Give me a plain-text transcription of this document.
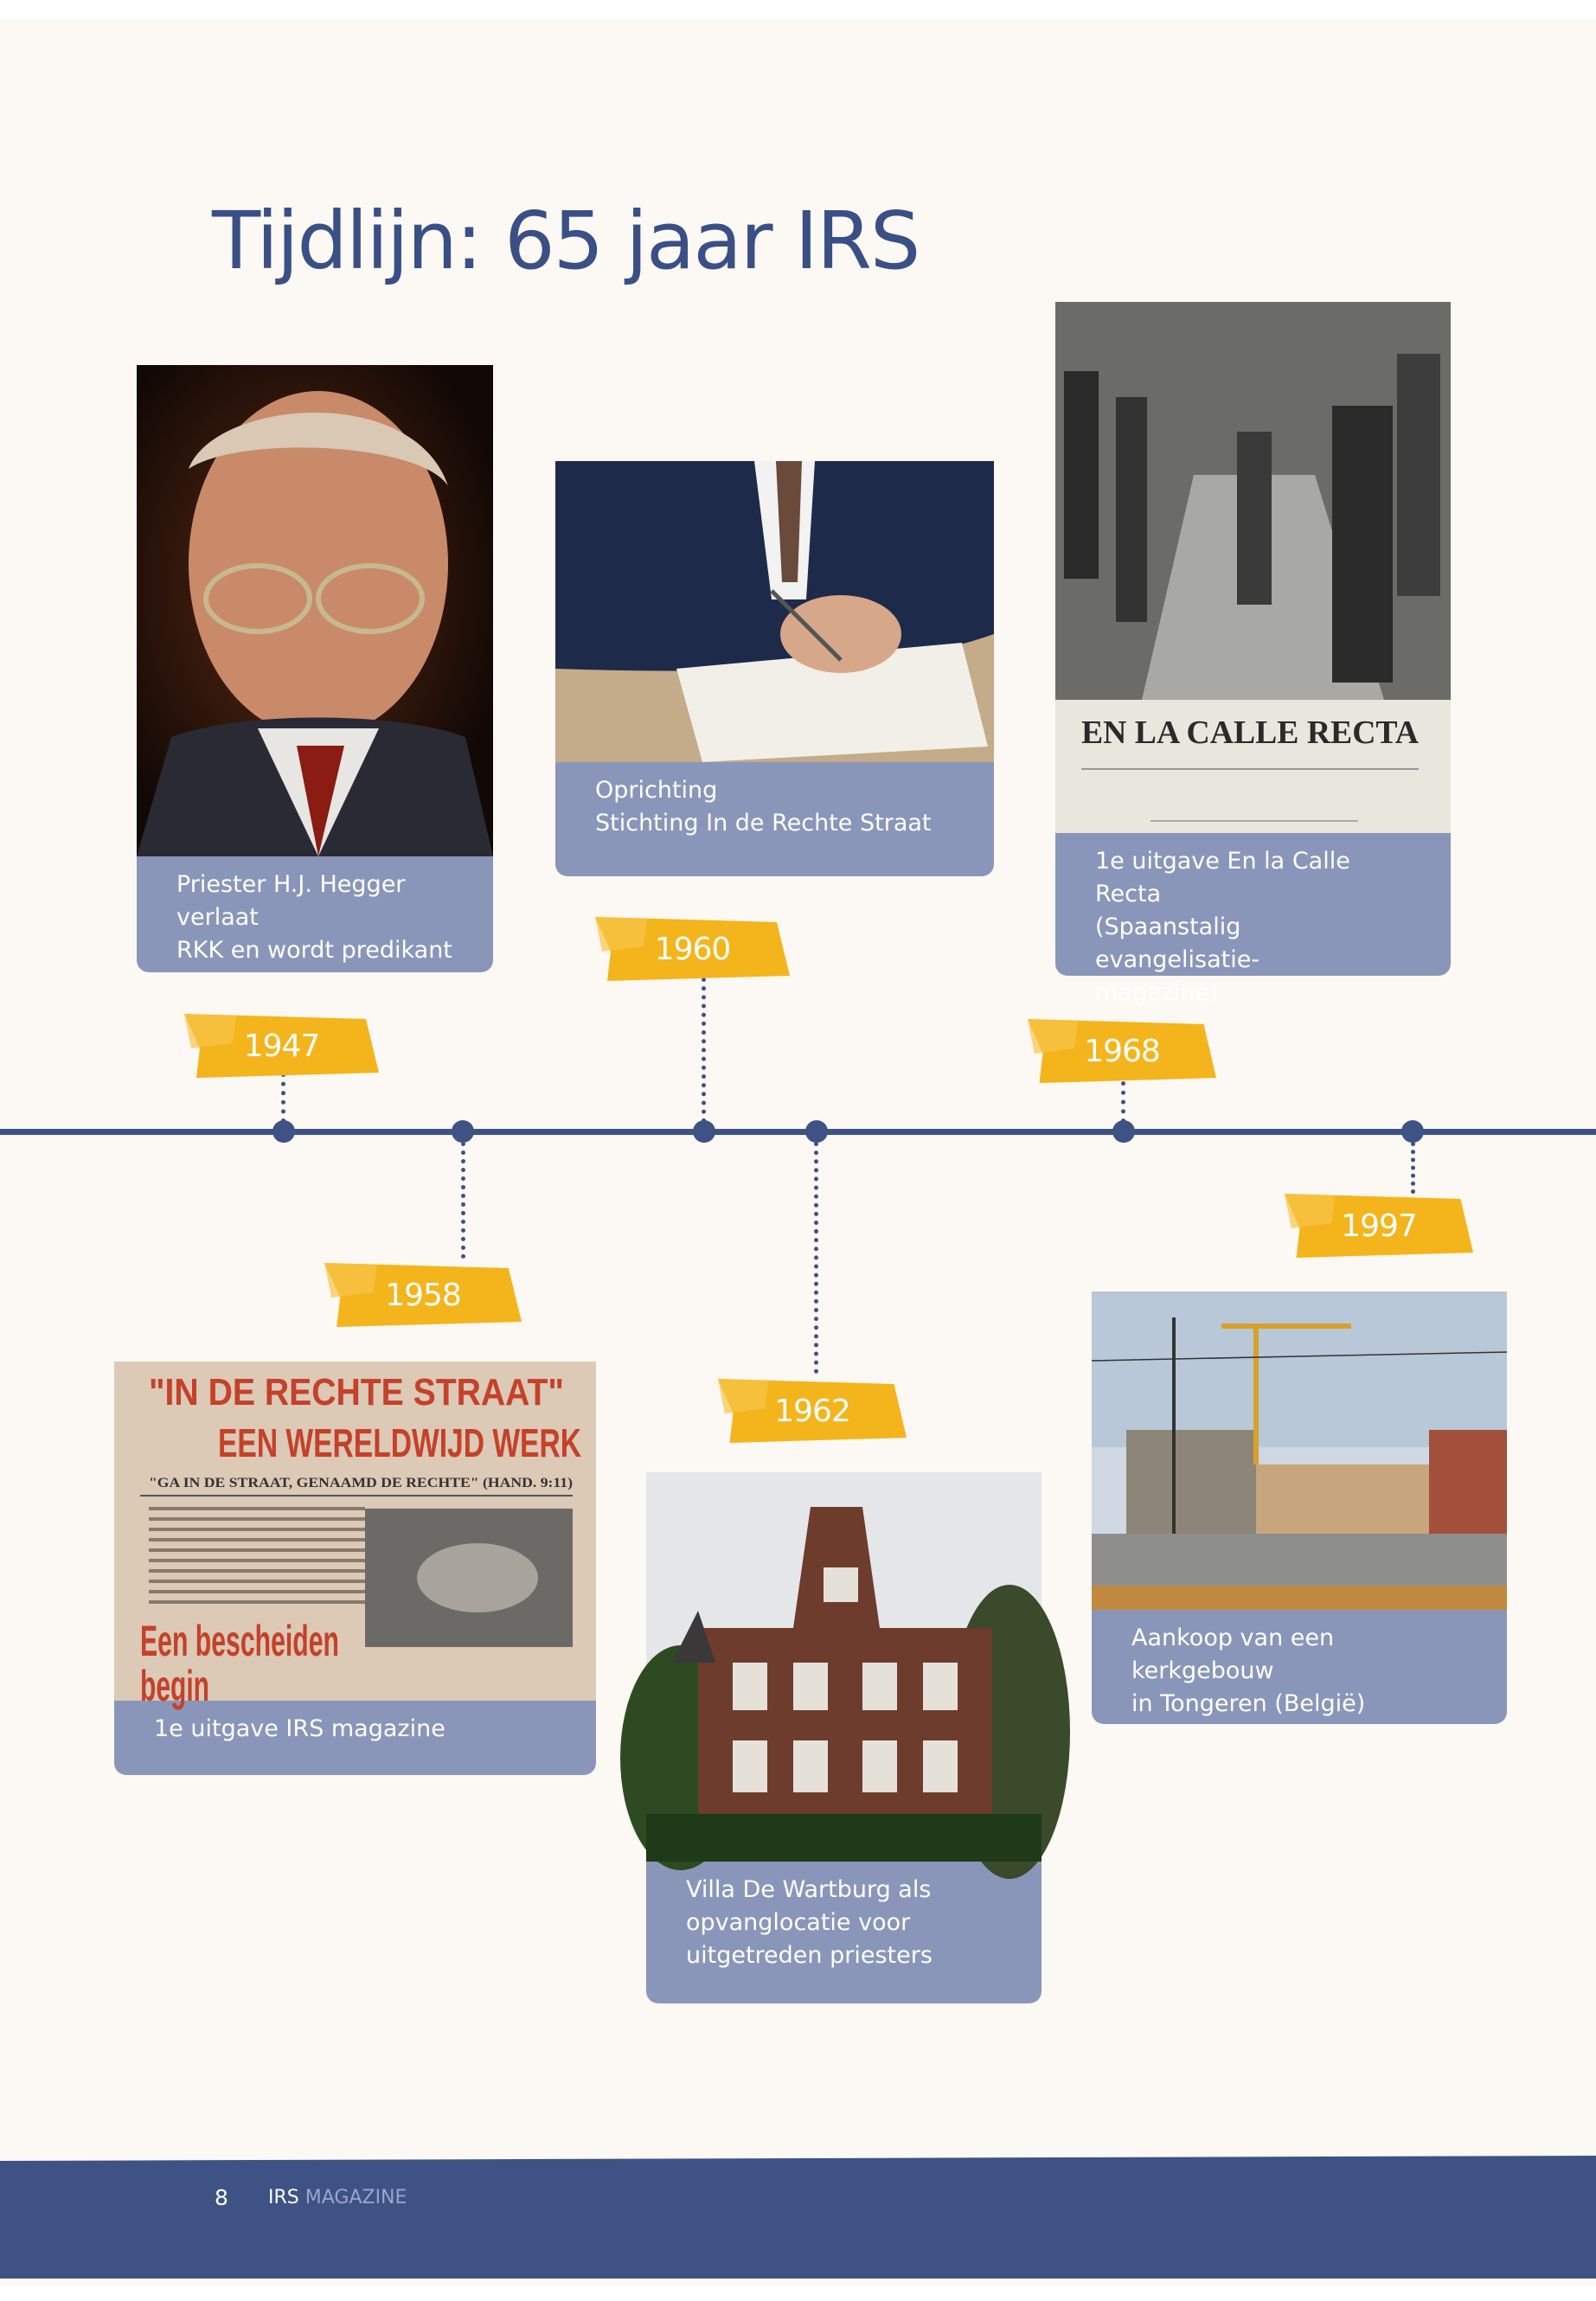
Tijdlijn: 65 jaar IRS
Priester H.J. Hegger verlaat
RKK en wordt predikant
Oprichting
Stichting In de Rechte Straat
EN LA CALLE RECTA
1e uitgave En la Calle Recta
(Spaanstalig evangelisatie-
magazine)
"IN DE RECHTE STRAAT"
EEN WERELDWIJD WERK
"GA IN DE STRAAT, GENAAMD DE RECHTE" (HAND. 9:11)
Een bescheiden
begin
1e uitgave IRS magazine
Villa De Wartburg als
opvanglocatie voor
uitgetreden priesters
Aankoop van een kerkgebouw
in Tongeren (België)
1947
1960
1968
1958
1962
1997
8 IRS MAGAZINE
